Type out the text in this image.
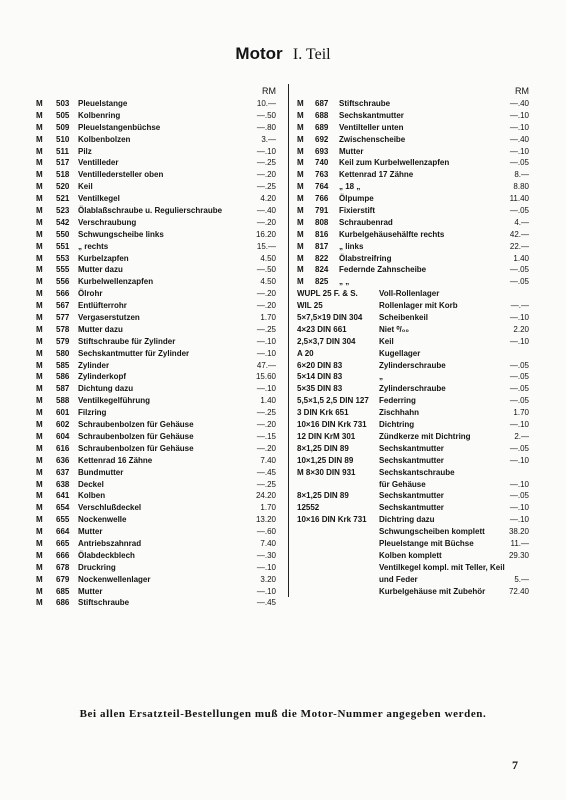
Motor I. Teil
RM
M	503	Pleuelstange	10.—
M	505	Kolbenring	—.50
M	509	Pleuelstangenbüchse	—.80
M	510	Kolbenbolzen	3.—
M	511	Pilz	—.10
M	517	Ventilleder	—.25
M	518	Ventilledersteller oben	—.20
M	520	Keil	—.25
M	521	Ventilkegel	4.20
M	523	Ölablaßschraube u. Regulierschraube	—.40
M	542	Verschraubung	—.20
M	550	Schwungscheibe links	16.20
M	551	„ rechts	15.—
M	553	Kurbelzapfen	4.50
M	555	Mutter dazu	—.50
M	556	Kurbelwellenzapfen	4.50
M	566	Ölrohr	—.20
M	567	Entlüfterrohr	—.20
M	577	Vergaserstutzen	1.70
M	578	Mutter dazu	—.25
M	579	Stiftschraube für Zylinder	—.10
M	580	Sechskantmutter für Zylinder	—.10
M	585	Zylinder	47.—
M	586	Zylinderkopf	15.60
M	587	Dichtung dazu	—.10
M	588	Ventilkegelführung	1.40
M	601	Filzring	—.25
M	602	Schraubenbolzen für Gehäuse	—.20
M	604	Schraubenbolzen für Gehäuse	—.15
M	616	Schraubenbolzen für Gehäuse	—.20
M	636	Kettenrad 16 Zähne	7.40
M	637	Bundmutter	—.45
M	638	Deckel	—.25
M	641	Kolben	24.20
M	654	Verschlußdeckel	1.70
M	655	Nockenwelle	13.20
M	664	Mutter	—.60
M	665	Antriebszahnrad	7.40
M	666	Ölabdeckblech	—.30
M	678	Druckring	—.10
M	679	Nockenwellenlager	3.20
M	685	Mutter	—.10
M	686	Stiftschraube	—.45
RM
M	687	Stiftschraube	—.40
M	688	Sechskantmutter	—.10
M	689	Ventilteller unten	—.10
M	692	Zwischenscheibe	—.40
M	693	Mutter	—.10
M	740	Keil zum Kurbelwellenzapfen	—.05
M	763	Kettenrad 17 Zähne	8.—
M	764	„ 18 „	8.80
M	766	Ölpumpe	11.40
M	791	Fixierstift	—.05
M	808	Schraubenrad	4.—
M	816	Kurbelgehäusehälfte rechts	42.—
M	817	„ links	22.—
M	822	Ölabstreifring	1.40
M	824	Federnde Zahnscheibe	—.05
M	825	„ „	—.05
WUPL 25 F. & S.	Voll-Rollenlager
WIL 25	Rollenlager mit Korb	—.—
5×7,5×19 DIN 304	Scheibenkeil	—.10
4×23 DIN 661	Niet ⁰/₀₀	2.20
2,5×3,7 DIN 304	Keil	—.10
A 20	Kugellager
6×20 DIN 83	Zylinderschraube	—.05
5×14 DIN 83	„	—.05
5×35 DIN 83	Zylinderschraube	—.05
5,5×1,5 2,5 DIN 127	Federring	—.05
3 DIN Krk 651	Zischhahn	1.70
10×16 DIN Krk 731	Dichtring	—.10
12 DIN KrM 301	Zündkerze mit Dichtring	2.—
8×1,25 DIN 89	Sechskantmutter	—.05
10×1,25 DIN 89	Sechskantmutter	—.10
M 8×30 DIN 931	Sechskantschraube
für Gehäuse	—.10
8×1,25 DIN 89	Sechskantmutter	—.05
12552	Sechskantmutter	—.10
10×16 DIN Krk 731	Dichtring dazu	—.10
Schwungscheiben komplett	38.20
Pleuelstange mit Büchse	11.—
Kolben komplett	29.30
Ventilkegel kompl. mit Teller, Keil
und Feder	5.—
Kurbelgehäuse mit Zubehör	72.40
Bei allen Ersatzteil-Bestellungen muß die Motor-Nummer angegeben werden.
7
